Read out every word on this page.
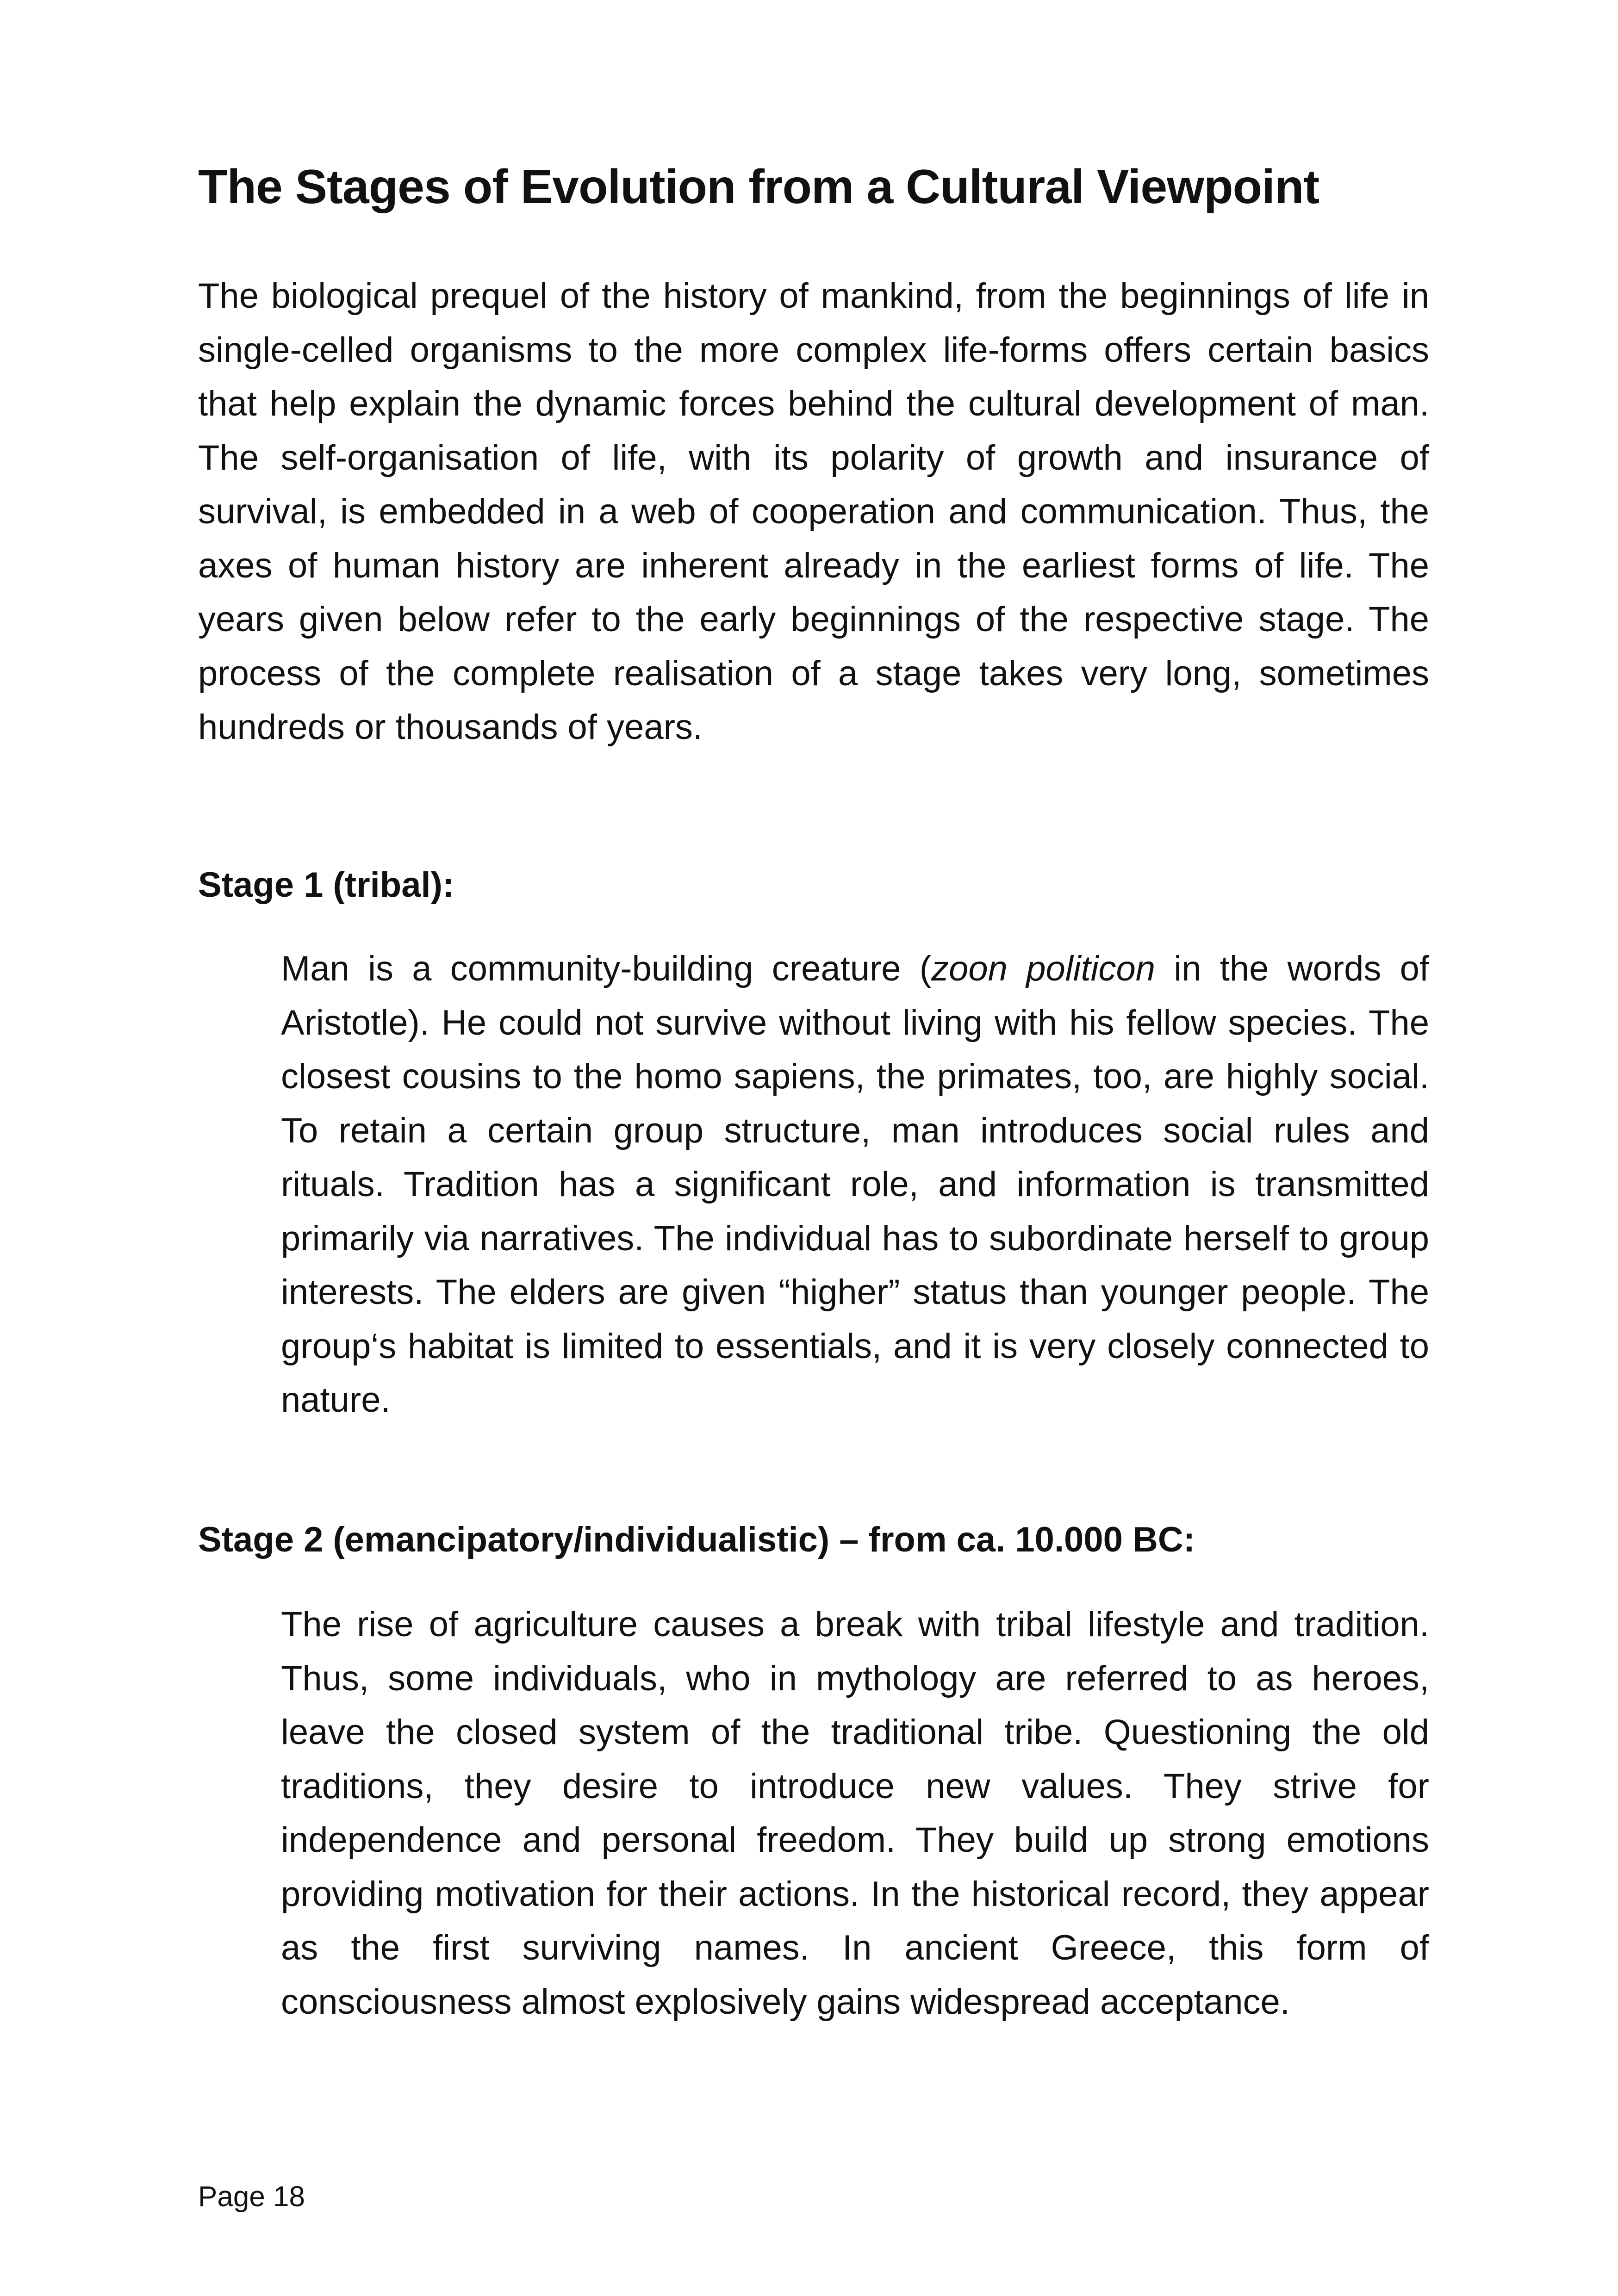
The Stages of Evolution from a Cultural Viewpoint

The biological prequel of the history of mankind, from the beginnings of life in single-celled organisms to the more complex life-forms offers certain basics that help explain the dynamic forces behind the cultural development of man. The self-organisation of life, with its polarity of growth and insurance of survival, is embedded in a web of cooperation and communication. Thus, the axes of human history are inherent already in the earliest forms of life. The years given below refer to the early beginnings of the respective stage. The process of the complete realisation of a stage takes very long, sometimes hundreds or thousands of years.

Stage 1 (tribal):

Man is a community-building creature (zoon politicon in the words of Aristotle). He could not survive without living with his fellow species. The closest cousins to the homo sapiens, the primates, too, are highly social. To retain a certain group structure, man introduces social rules and rituals. Tradition has a significant role, and information is transmitted primarily via narratives. The individual has to subordinate herself to group interests. The elders are given “higher” status than younger people. The group‘s habitat is limited to essentials, and it is very closely connected to nature.

Stage 2 (emancipatory/individualistic) – from ca. 10.000 BC:

The rise of agriculture causes a break with tribal lifestyle and tradition. Thus, some individuals, who in mythology are referred to as heroes, leave the closed system of the traditional tribe. Questioning the old traditions, they desire to introduce new values. They strive for independence and personal freedom. They build up strong emotions providing motivation for their actions. In the historical record, they appear as the first surviving names. In ancient Greece, this form of consciousness almost explosively gains widespread acceptance.

Page 18
